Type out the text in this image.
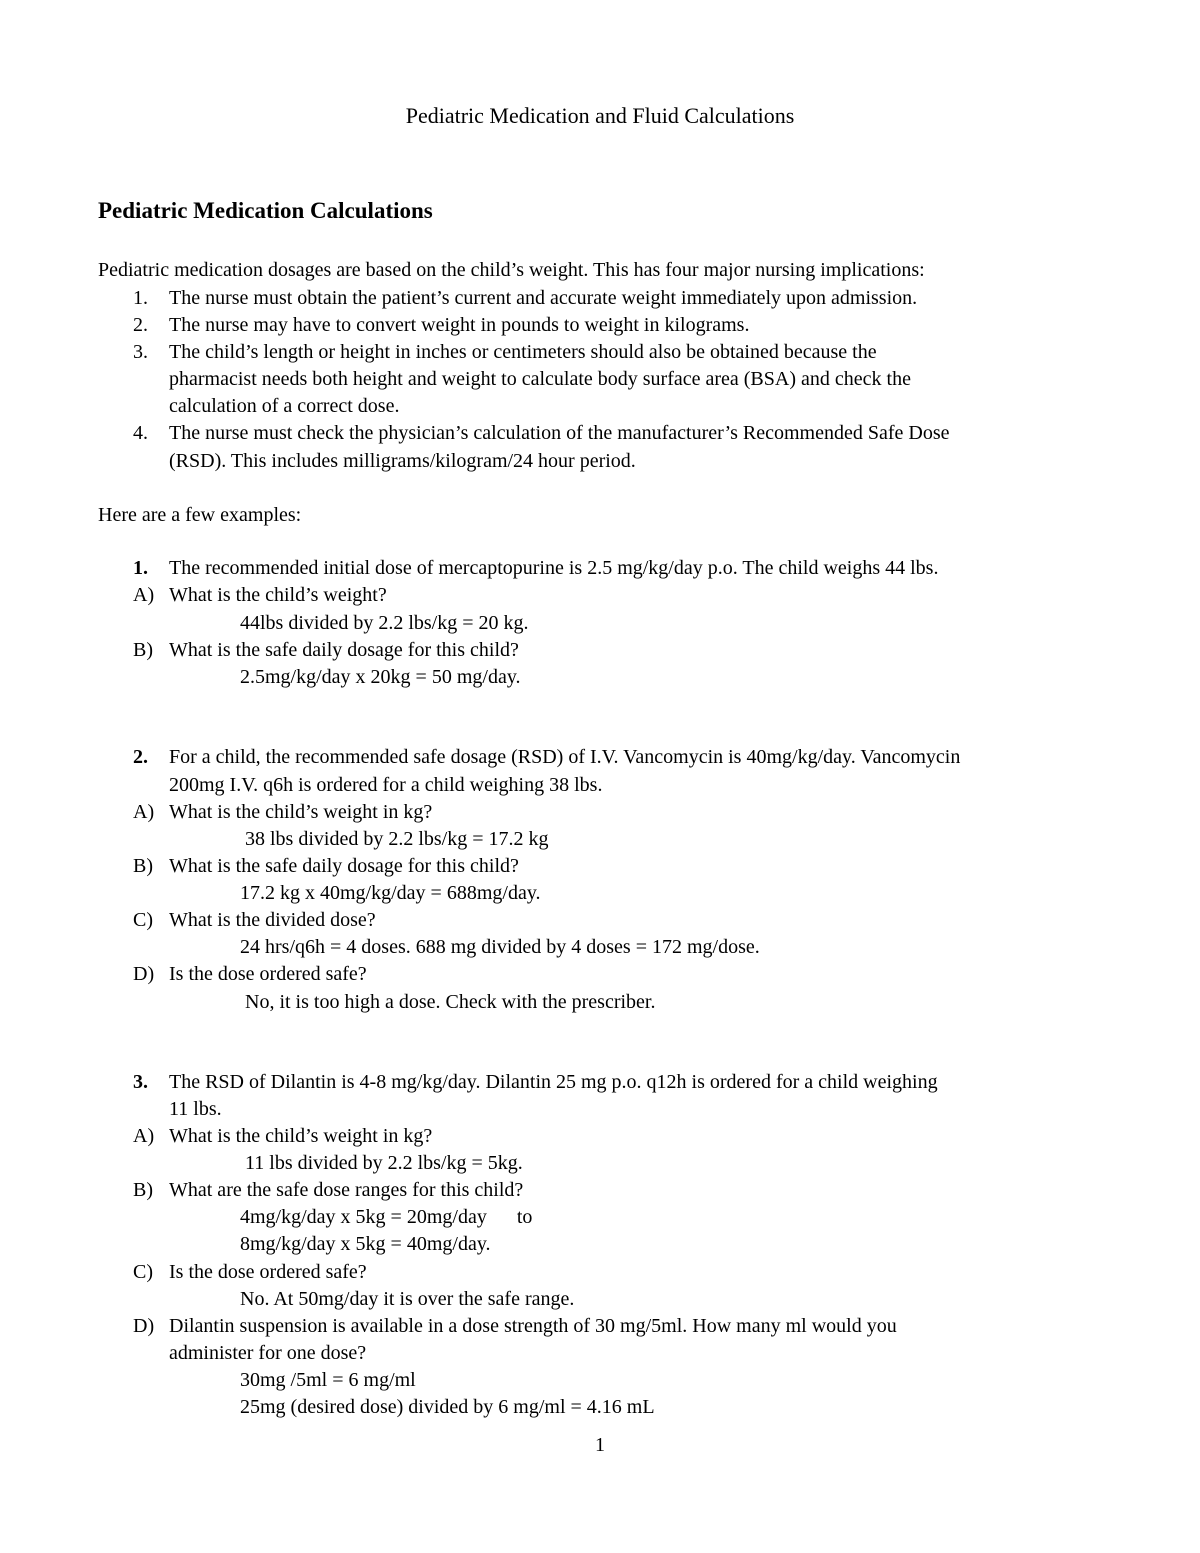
Pediatric Medication and Fluid Calculations
Pediatric Medication Calculations
Pediatric medication dosages are based on the child’s weight. This has four major nursing implications:
1. The nurse must obtain the patient’s current and accurate weight immediately upon admission.
2. The nurse may have to convert weight in pounds to weight in kilograms.
3. The child’s length or height in inches or centimeters should also be obtained because the
pharmacist needs both height and weight to calculate body surface area (BSA) and check the
calculation of a correct dose.
4. The nurse must check the physician’s calculation of the manufacturer’s Recommended Safe Dose
(RSD). This includes milligrams/kilogram/24 hour period.
Here are a few examples:
1. The recommended initial dose of mercaptopurine is 2.5 mg/kg/day p.o. The child weighs 44 lbs.
A) What is the child’s weight?
44lbs divided by 2.2 lbs/kg = 20 kg.
B) What is the safe daily dosage for this child?
2.5mg/kg/day x 20kg = 50 mg/day.
2. For a child, the recommended safe dosage (RSD) of I.V. Vancomycin is 40mg/kg/day. Vancomycin
200mg I.V. q6h is ordered for a child weighing 38 lbs.
A) What is the child’s weight in kg?
38 lbs divided by 2.2 lbs/kg = 17.2 kg
B) What is the safe daily dosage for this child?
17.2 kg x 40mg/kg/day = 688mg/day.
C) What is the divided dose?
24 hrs/q6h = 4 doses. 688 mg divided by 4 doses = 172 mg/dose.
D) Is the dose ordered safe?
No, it is too high a dose. Check with the prescriber.
3. The RSD of Dilantin is 4-8 mg/kg/day. Dilantin 25 mg p.o. q12h is ordered for a child weighing
11 lbs.
A) What is the child’s weight in kg?
11 lbs divided by 2.2 lbs/kg = 5kg.
B) What are the safe dose ranges for this child?
4mg/kg/day x 5kg = 20mg/day      to
8mg/kg/day x 5kg = 40mg/day.
C) Is the dose ordered safe?
No. At 50mg/day it is over the safe range.
D) Dilantin suspension is available in a dose strength of 30 mg/5ml. How many ml would you
administer for one dose?
30mg /5ml = 6 mg/ml
25mg (desired dose) divided by 6 mg/ml = 4.16 mL
1
